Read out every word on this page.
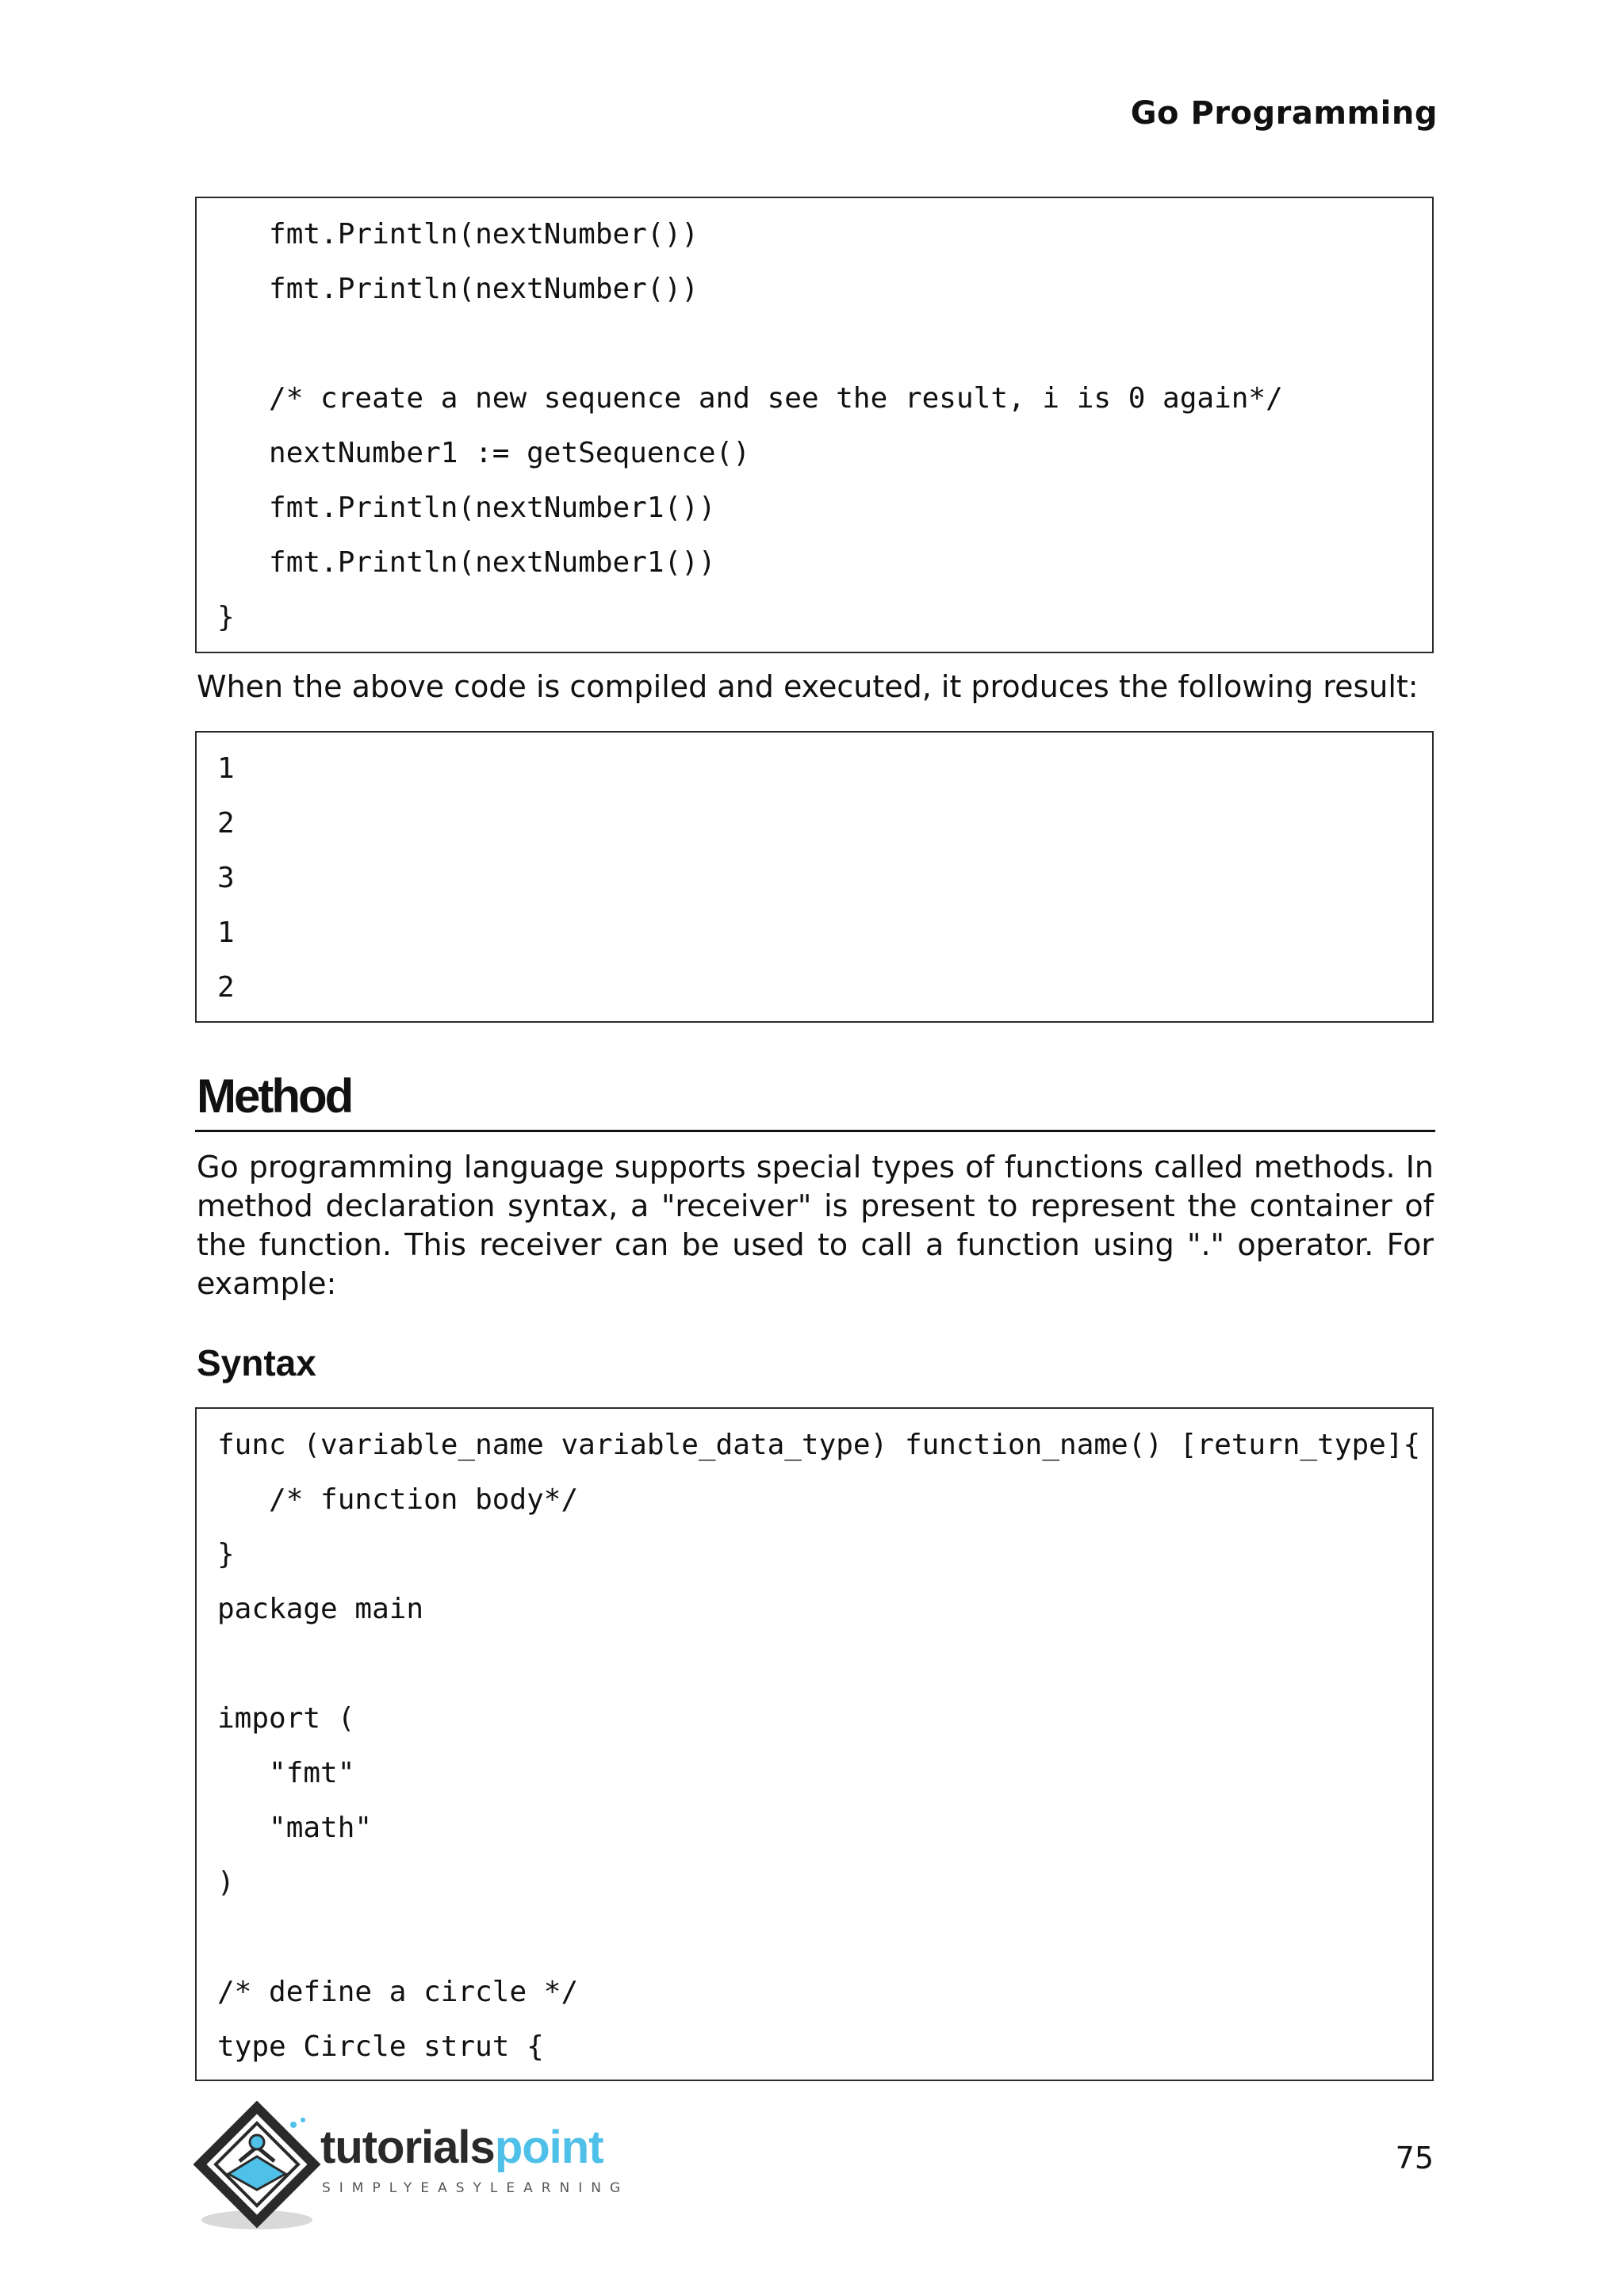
Go Programming
fmt.Println(nextNumber())
fmt.Println(nextNumber())
/* create a new sequence and see the result, i is 0 again*/
nextNumber1 := getSequence()
fmt.Println(nextNumber1())
fmt.Println(nextNumber1())
}
When the above code is compiled and executed, it produces the following result:
1
2
3
1
2
Method
Go programming language supports special types of functions called methods. In method declaration syntax, a "receiver" is present to represent the container of the function. This receiver can be used to call a function using "." operator. For example:
Syntax
func (variable_name variable_data_type) function_name() [return_type]{
/* function body*/
}
package main
import (
"fmt"
"math"
)
/* define a circle */
type Circle strut {
tutorialspoint
SIMPLYEASYLEARNING
75
